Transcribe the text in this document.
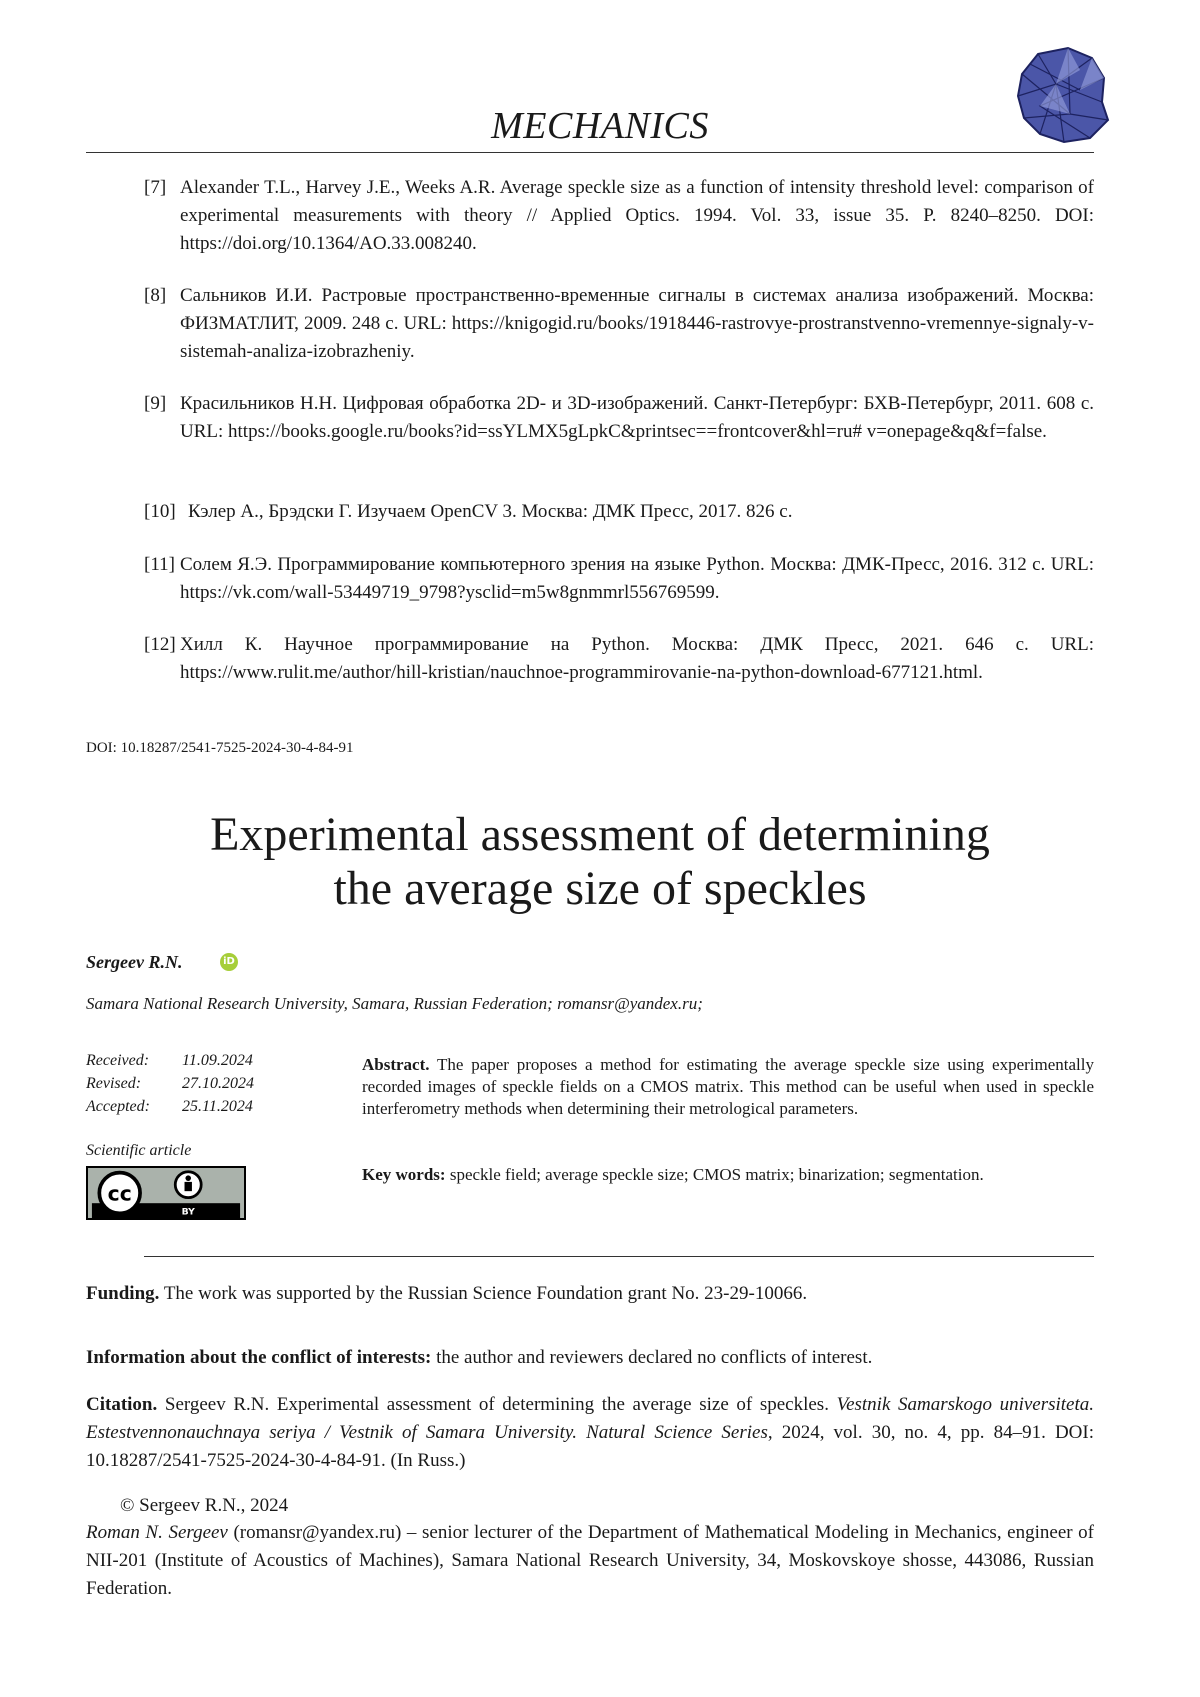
MECHANICS
[7] Alexander T.L., Harvey J.E., Weeks A.R. Average speckle size as a function of intensity threshold level: comparison of experimental measurements with theory // Applied Optics. 1994. Vol. 33, issue 35. P. 8240–8250. DOI: https://doi.org/10.1364/AO.33.008240.
[8] Сальников И.И. Растровые пространственно-временные сигналы в системах анализа изображений. Москва: ФИЗМАТЛИТ, 2009. 248 с. URL: https://knigogid.ru/books/1918446-rastrovye-prostranstvenno-vremennye-signaly-v-sistemah-analiza-izobrazheniy.
[9] Красильников Н.Н. Цифровая обработка 2D- и 3D-изображений. Санкт-Петербург: БХВ-Петербург, 2011. 608 с. URL: https://books.google.ru/books?id=ssYLMX5gLpkC&printsec==frontcover&hl=ru# v=onepage&q&f=false.
[10] Кэлер А., Брэдски Г. Изучаем OpenCV 3. Москва: ДМК Пресс, 2017. 826 с.
[11] Солем Я.Э. Программирование компьютерного зрения на языке Python. Москва: ДМК-Пресс, 2016. 312 с. URL: https://vk.com/wall-53449719_9798?ysclid=m5w8gnmmrl556769599.
[12] Хилл К. Научное программирование на Python. Москва: ДМК Пресс, 2021. 646 с. URL: https://www.rulit.me/author/hill-kristian/nauchnoe-programmirovanie-na-python-download-677121.html.
DOI: 10.18287/2541-7525-2024-30-4-84-91
Experimental assessment of determining
the average size of speckles
Sergeev R.N.	iD
Samara National Research University, Samara, Russian Federation; romansr@yandex.ru;
Received: 11.09.2024
Revised:	27.10.2024
Accepted: 25.11.2024
Scientific article
cc
BY
Abstract. The paper proposes a method for estimating the average speckle size using experimentally recorded images of speckle fields on a CMOS matrix. This method can be useful when used in speckle interferometry methods when determining their metrological parameters.
Key words: speckle field; average speckle size; CMOS matrix; binarization; segmentation.
Funding. The work was supported by the Russian Science Foundation grant No. 23-29-10066.
Information about the conflict of interests: the author and reviewers declared no conflicts of interest.
Citation. Sergeev R.N. Experimental assessment of determining the average size of speckles. Vestnik Samarskogo universiteta. Estestvennonauchnaya seriya / Vestnik of Samara University. Natural Science Series, 2024, vol. 30, no. 4, pp. 84–91. DOI: 10.18287/2541-7525-2024-30-4-84-91. (In Russ.)
© Sergeev R.N., 2024
Roman N. Sergeev (romansr@yandex.ru) – senior lecturer of the Department of Mathematical Modeling in Mechanics, engineer of NII-201 (Institute of Acoustics of Machines), Samara National Research University, 34, Moskovskoye shosse, 443086, Russian Federation.
